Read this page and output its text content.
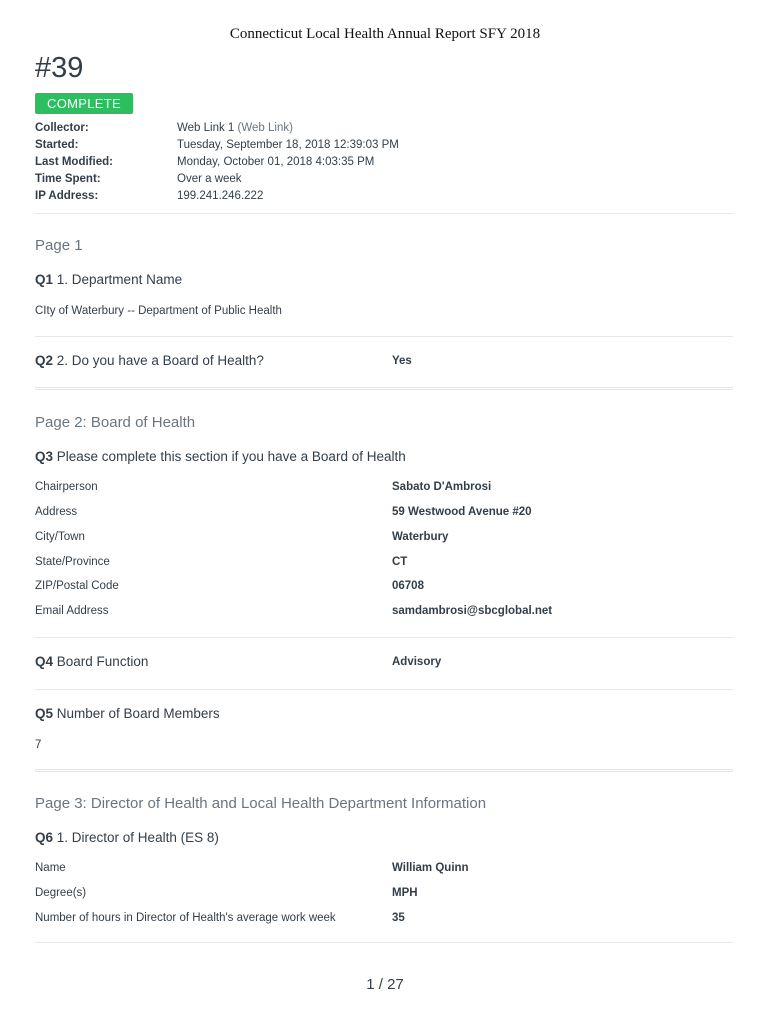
Connecticut Local Health Annual Report SFY 2018
#39
COMPLETE
Collector:	Web Link 1 (Web Link)
Started:	Tuesday, September 18, 2018 12:39:03 PM
Last Modified:	Monday, October 01, 2018 4:03:35 PM
Time Spent:	Over a week
IP Address:	199.241.246.222
Page 1
Q1 1. Department Name
CIty of Waterbury -- Department of Public Health
Q2 2. Do you have a Board of Health?	Yes
Page 2: Board of Health
Q3 Please complete this section if you have a Board of Health
Chairperson	Sabato D'Ambrosi
Address	59 Westwood Avenue #20
City/Town	Waterbury
State/Province	CT
ZIP/Postal Code	06708
Email Address	samdambrosi@sbcglobal.net
Q4 Board Function	Advisory
Q5 Number of Board Members
7
Page 3: Director of Health and Local Health Department Information
Q6 1. Director of Health (ES 8)
Name	William Quinn
Degree(s)	MPH
Number of hours in Director of Health's average work week	35
1 / 27
